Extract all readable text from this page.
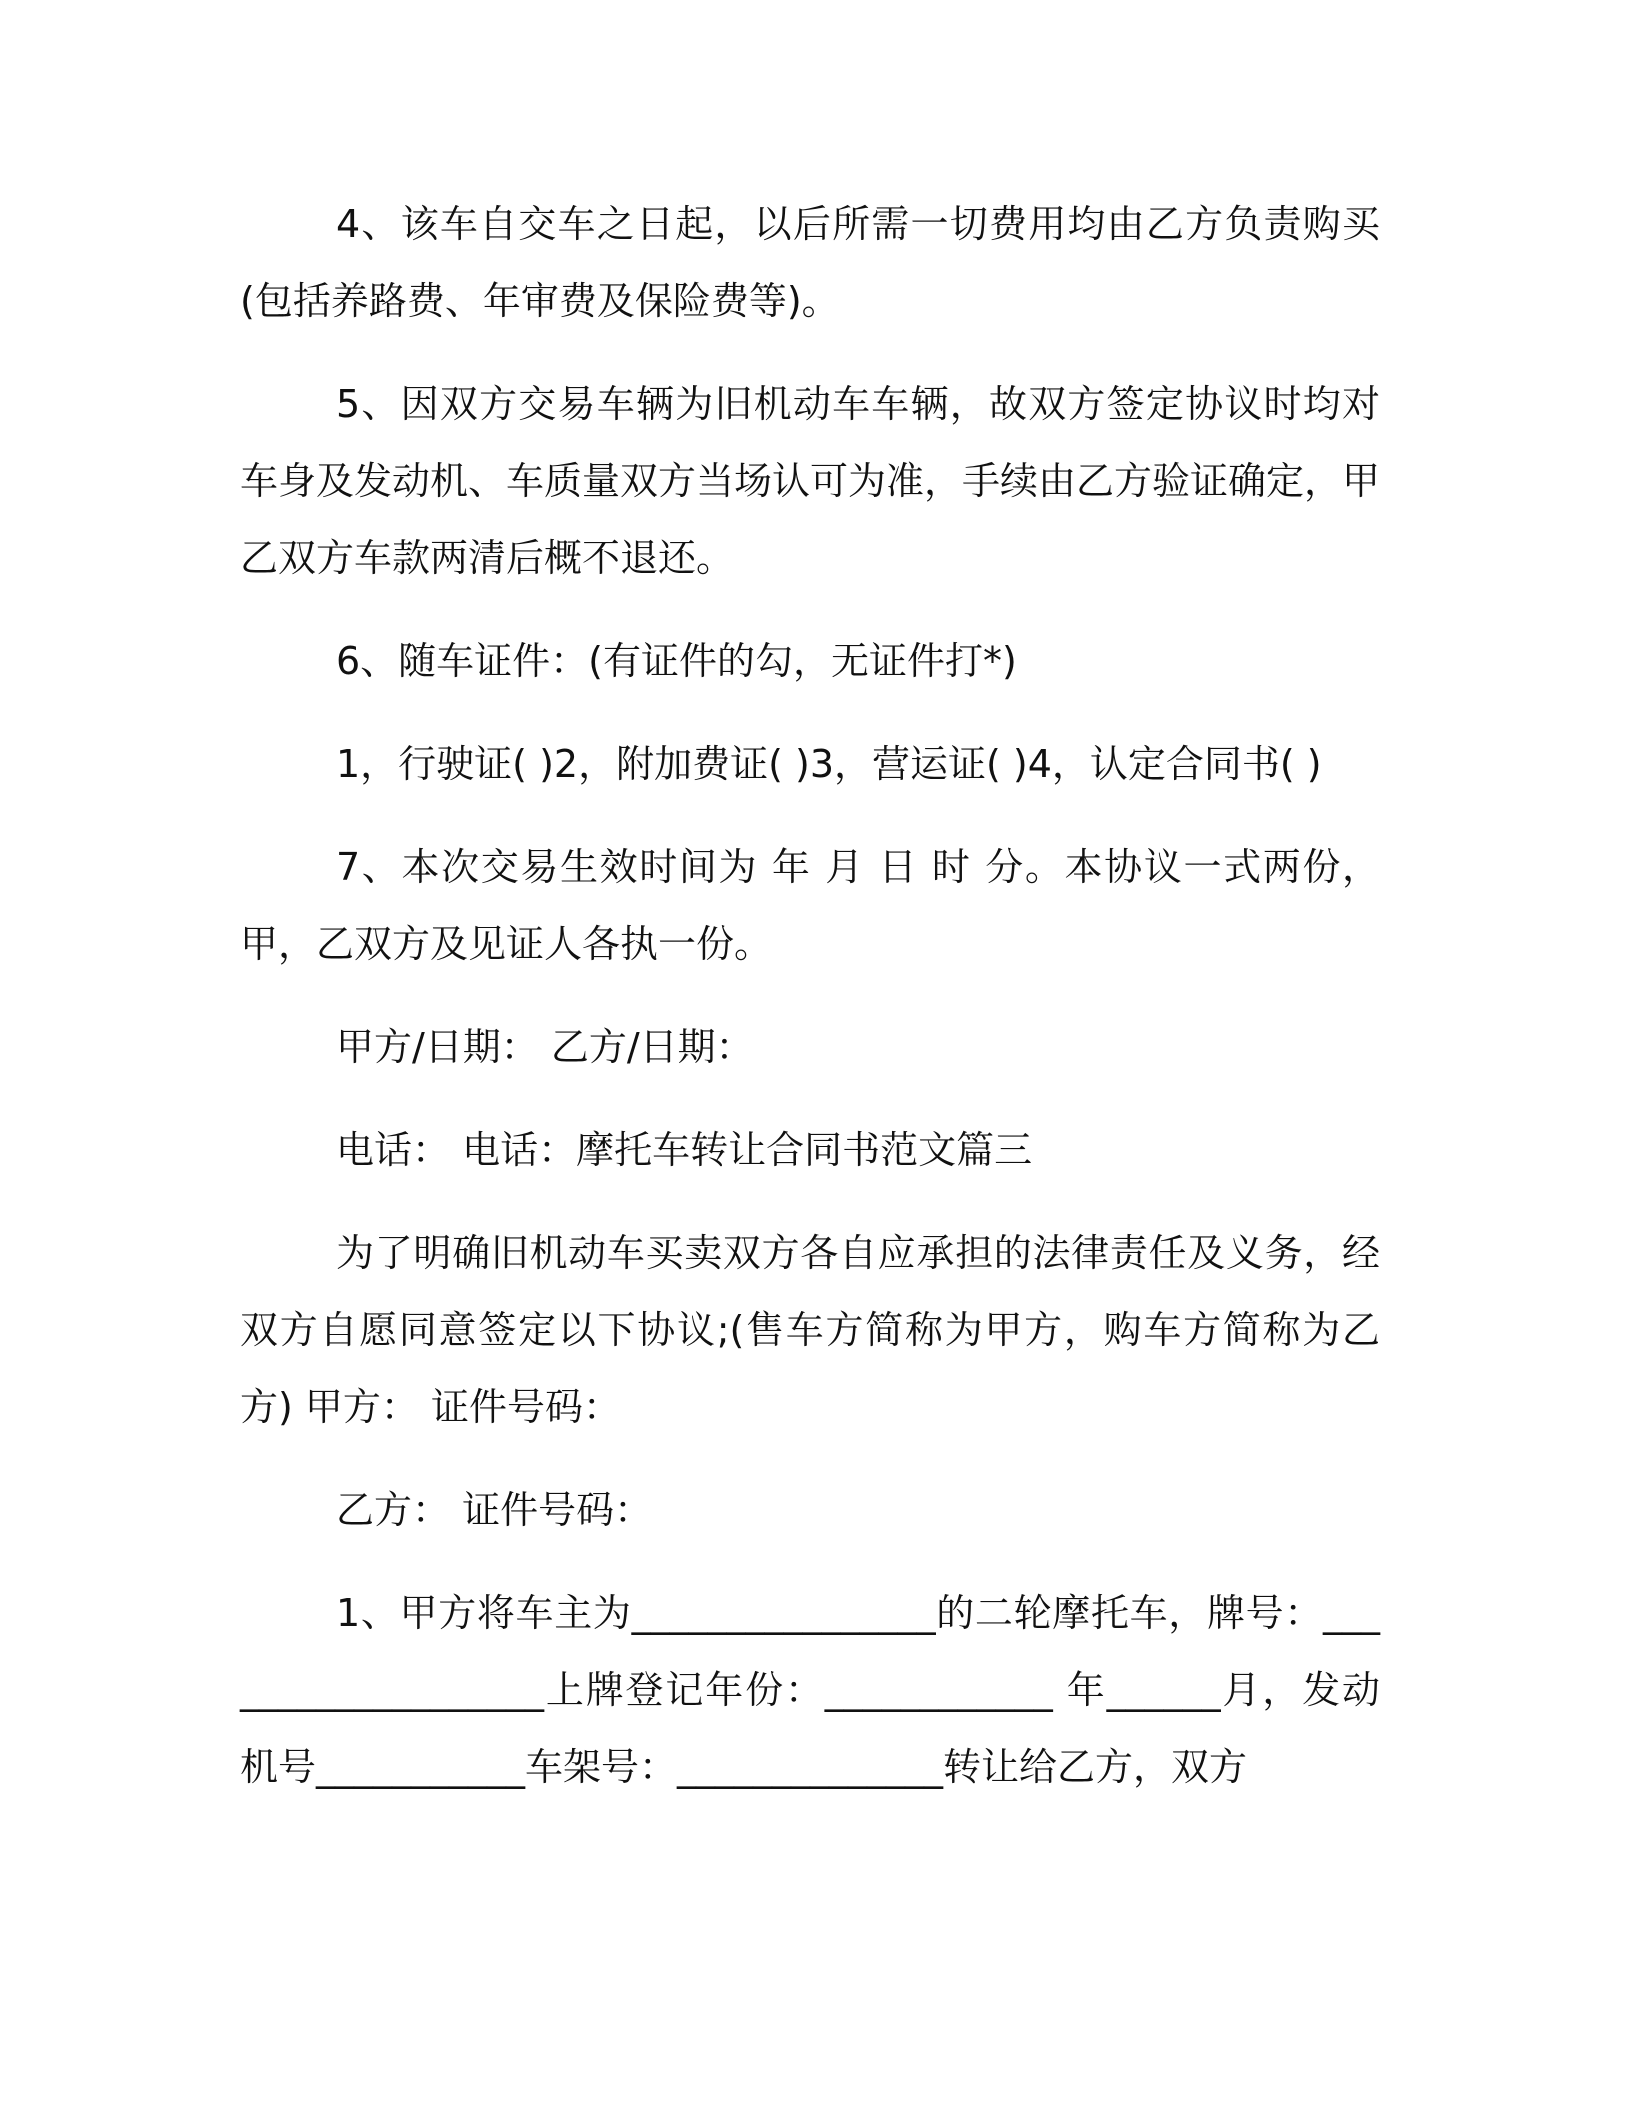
4、该车自交车之日起，以后所需一切费用均由乙方负责购买(包括养路费、年审费及保险费等)。

5、因双方交易车辆为旧机动车车辆，故双方签定协议时均对车身及发动机、车质量双方当场认可为准，手续由乙方验证确定，甲乙双方车款两清后概不退还。

6、随车证件：(有证件的勾，无证件打*)

1，行驶证( )2，附加费证( )3，营运证( )4，认定合同书( )

7、本次交易生效时间为 年 月 日 时 分。本协议一式两份，甲，乙双方及见证人各执一份。

甲方/日期： 乙方/日期：

电话： 电话：摩托车转让合同书范文篇三

为了明确旧机动车买卖双方各自应承担的法律责任及义务，经双方自愿同意签定以下协议;(售车方简称为甲方，购车方简称为乙方) 甲方： 证件号码：

乙方： 证件号码：

1、甲方将车主为________________的二轮摩托车，牌号：___________________上牌登记年份：____________ 年______月，发动机号___________车架号：______________转让给乙方，双方
